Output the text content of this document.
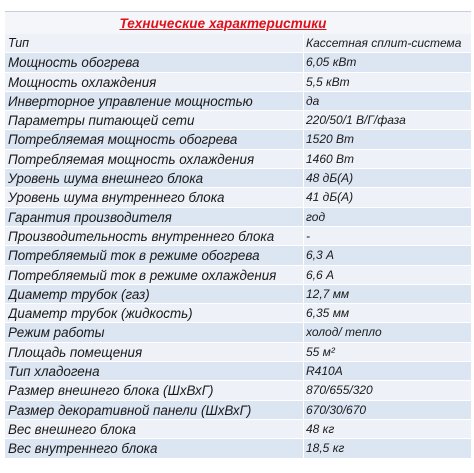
Технические характеристики
Тип	Кассетная сплит-система
Мощность обогрева	6,05 кВт
Мощность охлаждения	5,5 кВт
Инверторное управление мощностью	да
Параметры питающей сети	220/50/1 В/Г/фаза
Потребляемая мощность обогрева	1520 Вт
Потребляемая мощность охлаждения	1460 Вт
Уровень шума внешнего блока	48 дБ(А)
Уровень шума внутреннего блока	41 дБ(А)
Гарантия производителя	год
Производительность внутреннего блока	-
Потребляемый ток в режиме обогрева	6,3 А
Потребляемый ток в режиме охлаждения	6,6 А
Диаметр трубок (газ)	12,7 мм
Диаметр трубок (жидкость)	6,35 мм
Режим работы	холод/ тепло
Площадь помещения	55 м²
Тип хладогена	R410A
Размер внешнего блока (ШхВхГ)	870/655/320
Размер декоративной панели (ШхВхГ)	670/30/670
Вес внешнего блока	48 кг
Вес внутреннего блока	18,5 кг
